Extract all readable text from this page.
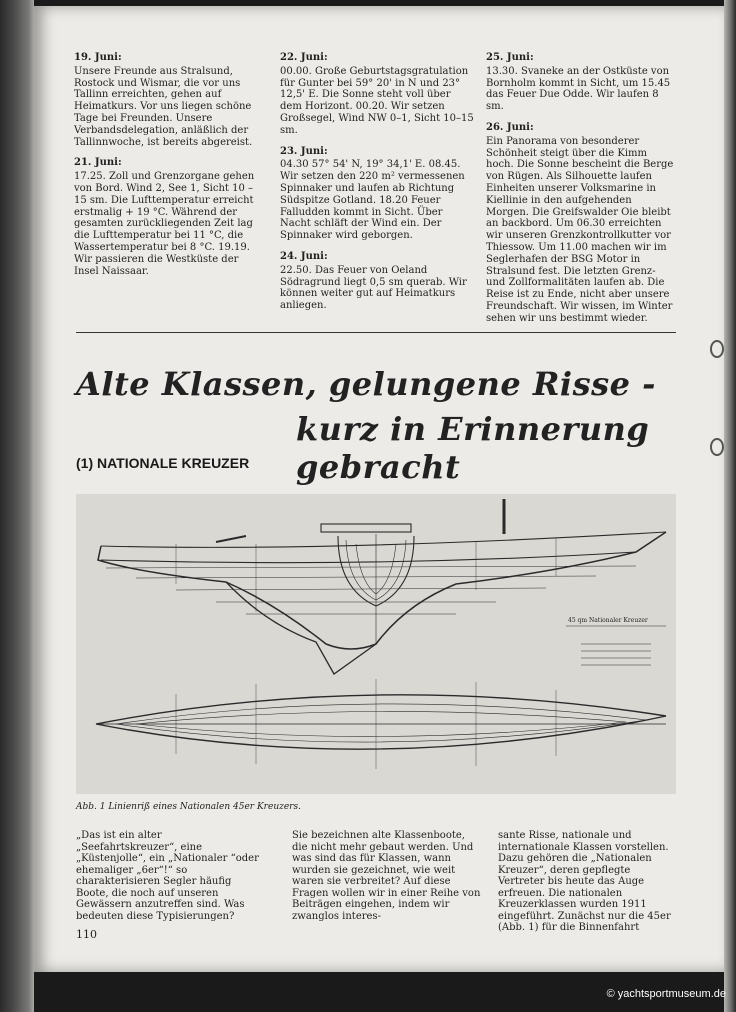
19. Juni:
Unsere Freunde aus Stralsund, Rostock und Wismar, die vor uns Tallinn erreichten, gehen auf Heimatkurs. Vor uns liegen schöne Tage bei Freunden. Unsere Verbandsdelegation, anläßlich der Tallinnwoche, ist bereits abgereist.

21. Juni:
17.25. Zoll und Grenzorgane gehen von Bord. Wind 2, See 1, Sicht 10 – 15 sm. Die Lufttemperatur erreicht erstmalig + 19 °C. Während der gesamten zurückliegenden Zeit lag die Lufttemperatur bei 11 °C, die Wassertemperatur bei 8 °C. 19.19. Wir passieren die Westküste der Insel Naissaar.

22. Juni:
00.00. Große Geburtstagsgratulation für Gunter bei 59° 20' in N und 23° 12,5' E. Die Sonne steht voll über dem Horizont. 00.20. Wir setzen Großsegel, Wind NW 0–1, Sicht 10–15 sm.

23. Juni:
04.30 57° 54' N, 19° 34,1' E. 08.45. Wir setzen den 220 m² vermessenen Spinnaker und laufen ab Richtung Südspitze Gotland. 18.20 Feuer Falludden kommt in Sicht. Über Nacht schläft der Wind ein. Der Spinnaker wird geborgen.

24. Juni:
22.50. Das Feuer von Oeland Södragrund liegt 0,5 sm querab. Wir können weiter gut auf Heimatkurs anliegen.

25. Juni:
13.30. Svaneke an der Ostküste von Bornholm kommt in Sicht, um 15.45 das Feuer Due Odde. Wir laufen 8 sm.

26. Juni:
Ein Panorama von besonderer Schönheit steigt über die Kimm hoch. Die Sonne bescheint die Berge von Rügen. Als Silhouette laufen Einheiten unserer Volksmarine in Kiellinie in den aufgehenden Morgen. Die Greifswalder Oie bleibt an backbord. Um 06.30 erreichten wir unseren Grenzkontrollkutter vor Thiessow. Um 11.00 machen wir im Seglerhafen der BSG Motor in Stralsund fest. Die letzten Grenz- und Zollformalitäten laufen ab. Die Reise ist zu Ende, nicht aber unsere Freundschaft. Wir wissen, im Winter sehen wir uns bestimmt wieder.

Alte Klassen, gelungene Risse -
kurz in Erinnerung gebracht
(1) NATIONALE KREUZER
45 qm Nationaler Kreuzer
Abb. 1 Linienriß eines Nationalen 45er Kreuzers.
„Das ist ein alter „Seefahrtskreuzer“, eine „Küstenjolle“, ein „Nationaler “oder ehemaliger „6er“!“ so charakterisieren Segler häufig Boote, die noch auf unseren Gewässern anzutreffen sind. Was bedeuten diese Typisierungen?
Sie bezeichnen alte Klassenboote, die nicht mehr gebaut werden. Und was sind das für Klassen, wann wurden sie gezeichnet, wie weit waren sie verbreitet? Auf diese Fragen wollen wir in einer Reihe von Beiträgen eingehen, indem wir zwanglos interes-
sante Risse, nationale und internationale Klassen vorstellen. Dazu gehören die „Nationalen Kreuzer“, deren gepflegte Vertreter bis heute das Auge erfreuen. Die nationalen Kreuzerklassen wurden 1911 eingeführt. Zunächst nur die 45er (Abb. 1) für die Binnenfahrt
110
© yachtsportmuseum.de
